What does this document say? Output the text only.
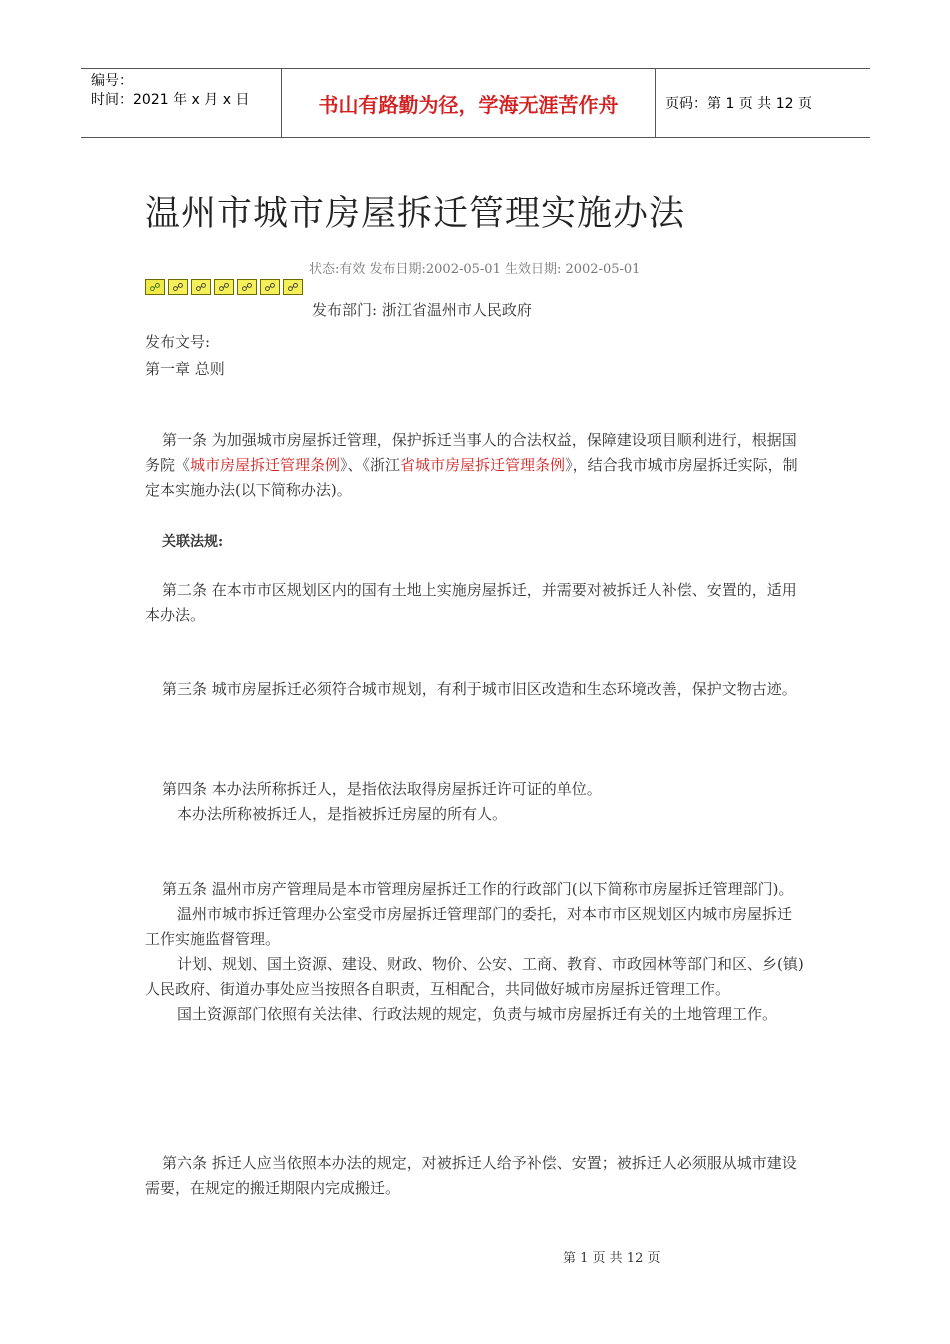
编号：
时间：2021 年 x 月 x 日	书山有路勤为径，学海无涯苦作舟	页码：第 1 页 共 12 页
温州市城市房屋拆迁管理实施办法
状态:有效 发布日期:2002-05-01 生效日期: 2002-05-01
☍	☍	☍	☍	☍	☍	☍
发布部门: 浙江省温州市人民政府
发布文号:
第一章 总则

第一条 为加强城市房屋拆迁管理，保护拆迁当事人的合法权益，保障建设项目顺利进行，根据国务院《城市房屋拆迁管理条例》、《浙江省城市房屋拆迁管理条例》，结合我市城市房屋拆迁实际，制定本实施办法(以下简称办法)。

关联法规:

第二条 在本市市区规划区内的国有土地上实施房屋拆迁，并需要对被拆迁人补偿、安置的，适用本办法。

第三条 城市房屋拆迁必须符合城市规划，有利于城市旧区改造和生态环境改善，保护文物古迹。

第四条 本办法所称拆迁人，是指依法取得房屋拆迁许可证的单位。

本办法所称被拆迁人，是指被拆迁房屋的所有人。

第五条 温州市房产管理局是本市管理房屋拆迁工作的行政部门(以下简称市房屋拆迁管理部门)。

温州市城市拆迁管理办公室受市房屋拆迁管理部门的委托，对本市市区规划区内城市房屋拆迁工作实施监督管理。

计划、规划、国土资源、建设、财政、物价、公安、工商、教育、市政园林等部门和区、乡(镇)人民政府、街道办事处应当按照各自职责，互相配合，共同做好城市房屋拆迁管理工作。

国土资源部门依照有关法律、行政法规的规定，负责与城市房屋拆迁有关的土地管理工作。

第六条 拆迁人应当依照本办法的规定，对被拆迁人给予补偿、安置；被拆迁人必须服从城市建设需要，在规定的搬迁期限内完成搬迁。

第 1 页 共 12 页
